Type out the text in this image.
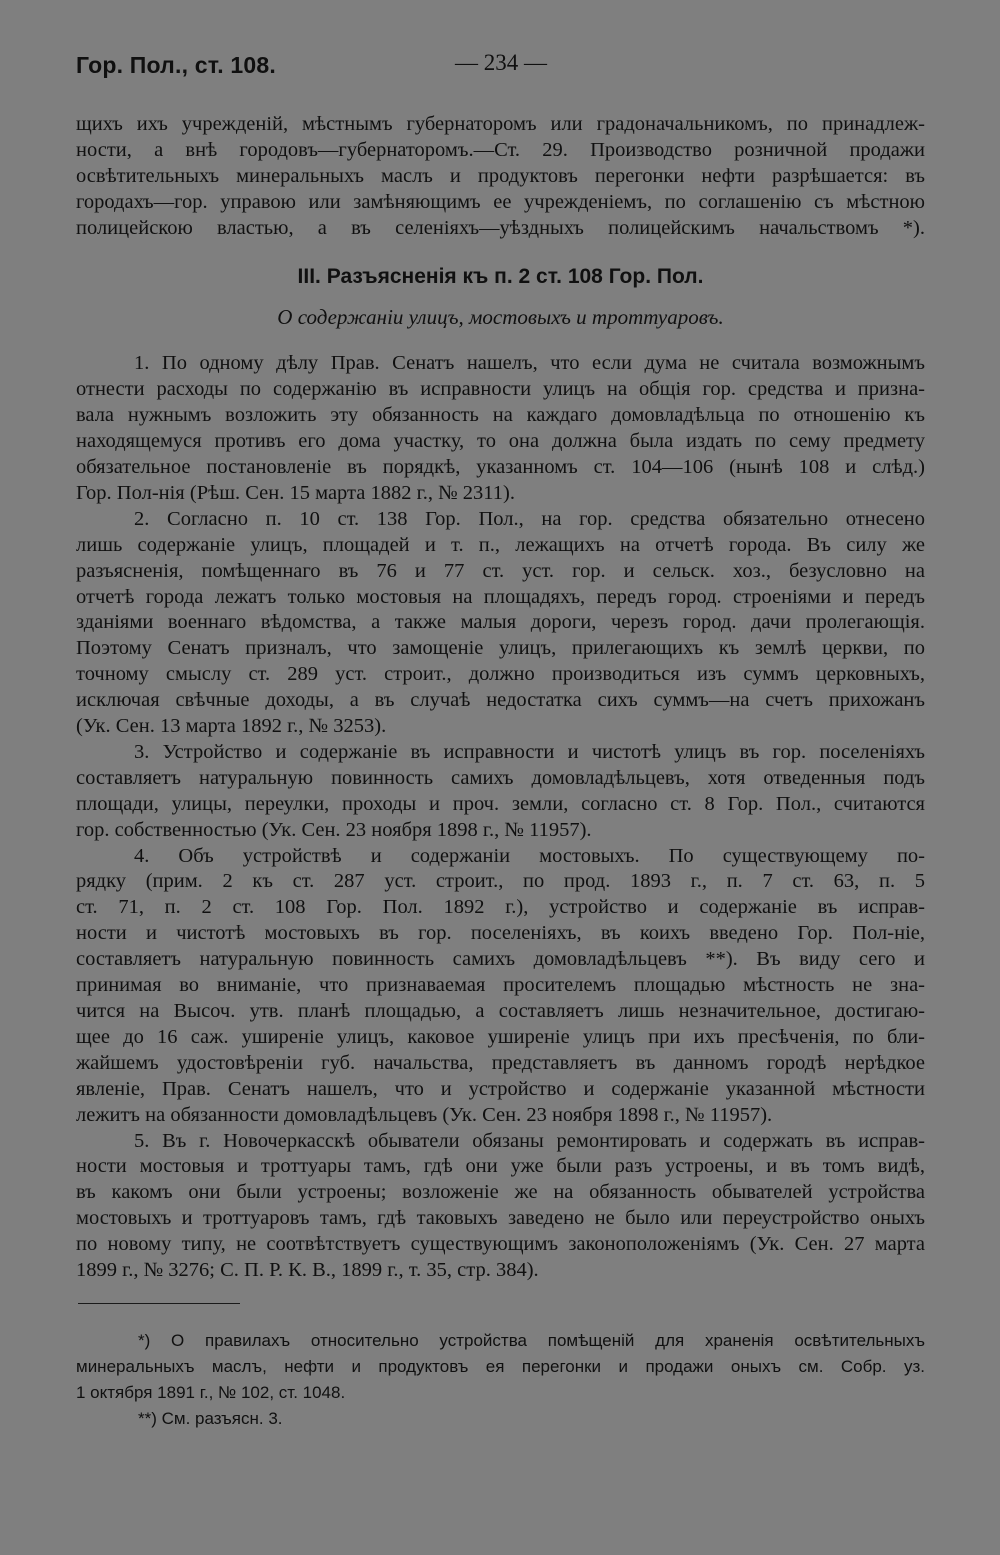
Гор. Пол., ст. 108.	— 234 —
щихъ ихъ учрежденій, мѣстнымъ губернаторомъ или градоначальникомъ, по принадлеж-
ности, а внѣ городовъ—губернаторомъ.—Ст. 29. Производство розничной продажи
освѣтительныхъ минеральныхъ маслъ и продуктовъ перегонки нефти разрѣшается: въ
городахъ—гор. управою или замѣняющимъ ее учрежденіемъ, по соглашенію съ мѣстною
полицейскою властью, а въ селеніяхъ—уѣздныхъ полицейскимъ начальствомъ *).
III. Разъясненія къ п. 2 ст. 108 Гор. Пол.
О содержаніи улицъ, мостовыхъ и троттуаровъ.
1. По одному дѣлу Прав. Сенатъ нашелъ, что если дума не считала возможнымъ
отнести расходы по содержанію въ исправности улицъ на общія гор. средства и призна-
вала нужнымъ возложить эту обязанность на каждаго домовладѣльца по отношенію къ
находящемуся противъ его дома участку, то она должна была издать по сему предмету
обязательное постановленіе въ порядкѣ, указанномъ ст. 104—106 (нынѣ 108 и слѣд.)
Гор. Пол-нія (Рѣш. Сен. 15 марта 1882 г., № 2311).
2. Согласно п. 10 ст. 138 Гор. Пол., на гор. средства обязательно отнесено
лишь содержаніе улицъ, площадей и т. п., лежащихъ на отчетѣ города. Въ силу же
разъясненія, помѣщеннаго въ 76 и 77 ст. уст. гор. и сельск. хоз., безусловно на
отчетѣ города лежатъ только мостовыя на площадяхъ, передъ город. строеніями и передъ
зданіями военнаго вѣдомства, а также малыя дороги, черезъ город. дачи пролегающія.
Поэтому Сенатъ призналъ, что замощеніе улицъ, прилегающихъ къ землѣ церкви, по
точному смыслу ст. 289 уст. строит., должно производиться изъ суммъ церковныхъ,
исключая свѣчные доходы, а въ случаѣ недостатка сихъ суммъ—на счетъ прихожанъ
(Ук. Сен. 13 марта 1892 г., № 3253).
3. Устройство и содержаніе въ исправности и чистотѣ улицъ въ гор. поселеніяхъ
составляетъ натуральную повинность самихъ домовладѣльцевъ, хотя отведенныя подъ
площади, улицы, переулки, проходы и проч. земли, согласно ст. 8 Гор. Пол., считаются
гор. собственностью (Ук. Сен. 23 ноября 1898 г., № 11957).
4. Объ устройствѣ и содержаніи мостовыхъ. По существующему по-
рядку (прим. 2 къ ст. 287 уст. строит., по прод. 1893 г., п. 7 ст. 63, п. 5
ст. 71, п. 2 ст. 108 Гор. Пол. 1892 г.), устройство и содержаніе въ исправ-
ности и чистотѣ мостовыхъ въ гор. поселеніяхъ, въ коихъ введено Гор. Пол-ніе,
составляетъ натуральную повинность самихъ домовладѣльцевъ **). Въ виду сего и
принимая во вниманіе, что признаваемая просителемъ площадью мѣстность не зна-
чится на Высоч. утв. планѣ площадью, а составляетъ лишь незначительное, достигаю-
щее до 16 саж. уширеніе улицъ, каковое уширеніе улицъ при ихъ пресѣченія, по бли-
жайшемъ удостовѣреніи губ. начальства, представляетъ въ данномъ городѣ нерѣдкое
явленіе, Прав. Сенатъ нашелъ, что и устройство и содержаніе указанной мѣстности
лежитъ на обязанности домовладѣльцевъ (Ук. Сен. 23 ноября 1898 г., № 11957).
5. Въ г. Новочеркасскѣ обыватели обязаны ремонтировать и содержать въ исправ-
ности мостовыя и троттуары тамъ, гдѣ они уже были разъ устроены, и въ томъ видѣ,
въ какомъ они были устроены; возложеніе же на обязанность обывателей устройства
мостовыхъ и троттуаровъ тамъ, гдѣ таковыхъ заведено не было или переустройство оныхъ
по новому типу, не соотвѣтствуетъ существующимъ законоположеніямъ (Ук. Сен. 27 марта
1899 г., № 3276; С. П. Р. К. В., 1899 г., т. 35, стр. 384).
*) О правилахъ относительно устройства помѣщеній для храненія освѣтительныхъ
минеральныхъ маслъ, нефти и продуктовъ ея перегонки и продажи оныхъ см. Собр. уз.
1 октября 1891 г., № 102, ст. 1048.
**) См. разъясн. 3.
